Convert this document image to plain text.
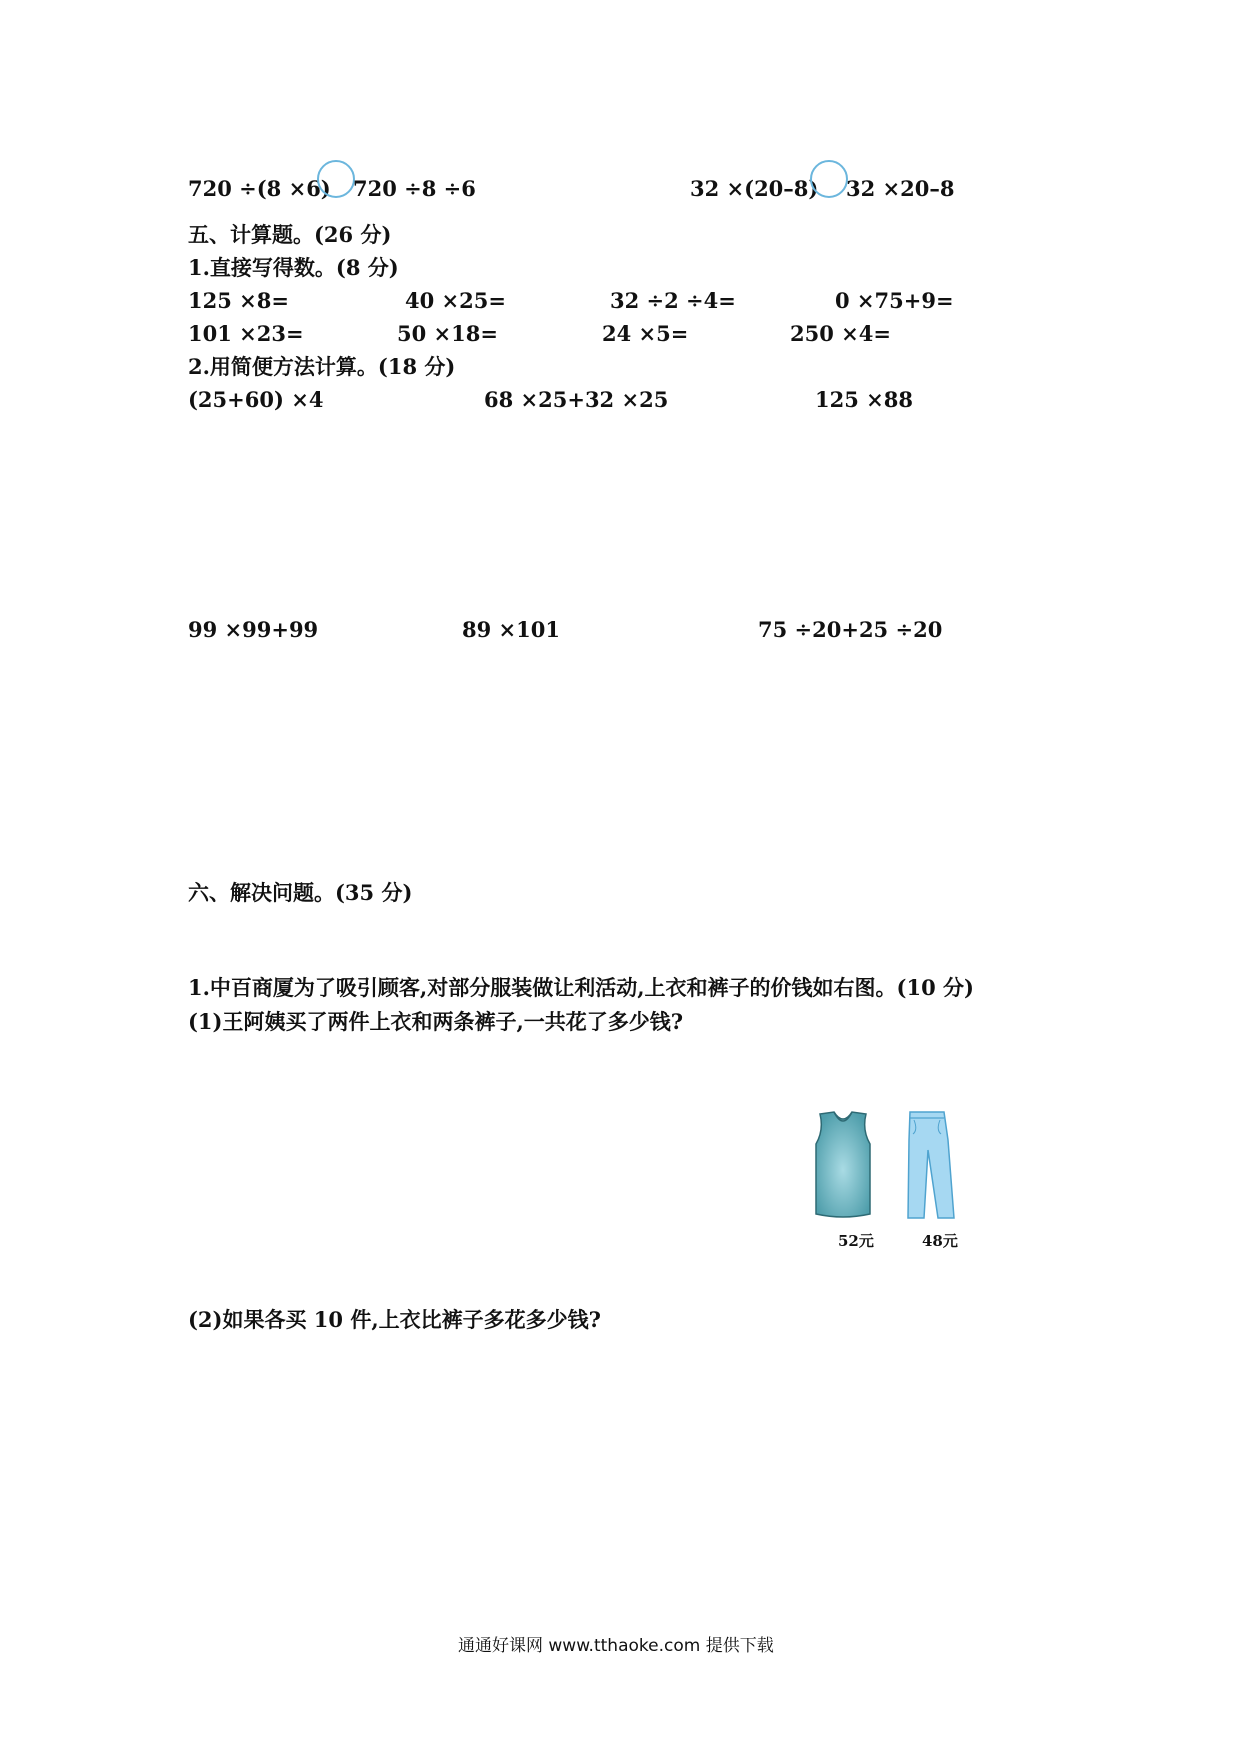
720 ÷(8 ×6) 720 ÷8 ÷6	32 ×(20–8) 32 ×20–8
五、计算题。(26 分)
1.直接写得数。(8 分)
125 ×8=	40 ×25=	32 ÷2 ÷4=	0 ×75+9=
101 ×23=	50 ×18=	24 ×5=	250 ×4=
2.用简便方法计算。(18 分)
(25+60) ×4	68 ×25+32 ×25	125 ×88
99 ×99+99	89 ×101	75 ÷20+25 ÷20
六、解决问题。(35 分)
1.中百商厦为了吸引顾客,对部分服装做让利活动,上衣和裤子的价钱如右图。(10 分)
(1)王阿姨买了两件上衣和两条裤子,一共花了多少钱?
52元	48元
(2)如果各买 10 件,上衣比裤子多花多少钱?
通通好课网 www.tthaoke.com 提供下载
